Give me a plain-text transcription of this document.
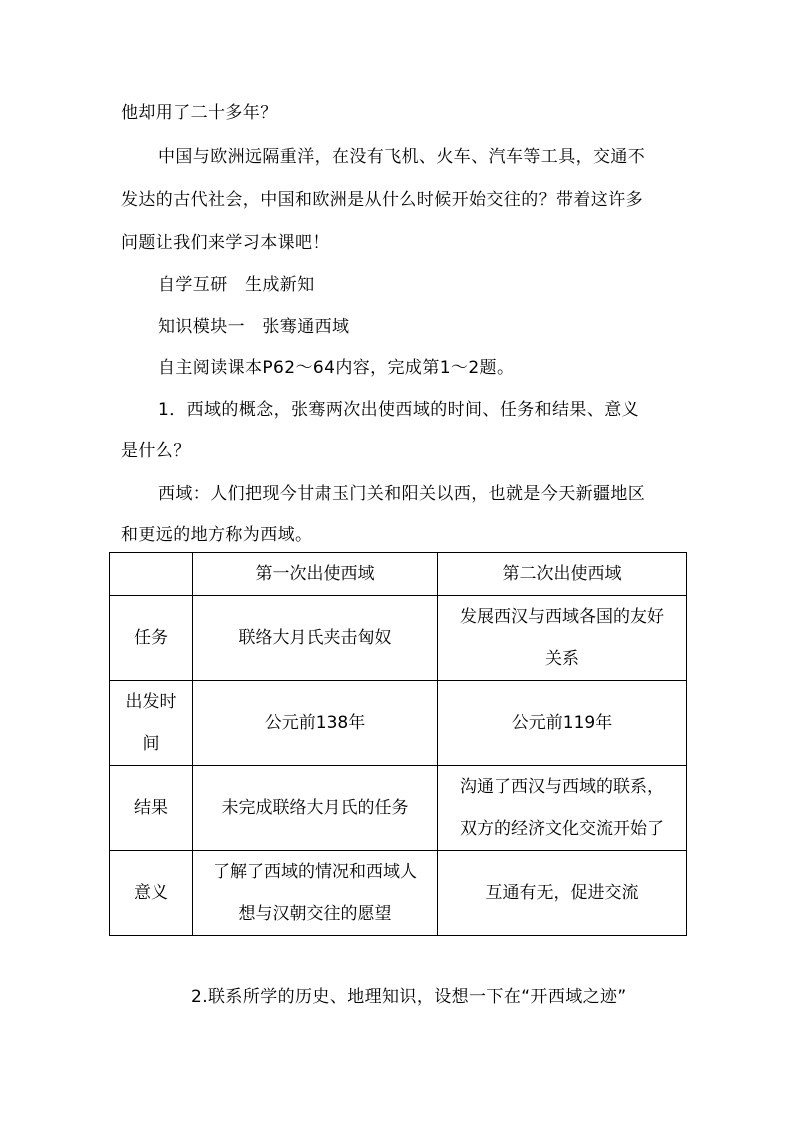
他却用了二十多年？
中国与欧洲远隔重洋，在没有飞机、火车、汽车等工具，交通不
发达的古代社会，中国和欧洲是从什么时候开始交往的？带着这许多
问题让我们来学习本课吧！
自学互研　生成新知
知识模块一　张骞通西域
自主阅读课本P62～64内容，完成第1～2题。
1．西域的概念，张骞两次出使西域的时间、任务和结果、意义
是什么？
西域：人们把现今甘肃玉门关和阳关以西，也就是今天新疆地区
和更远的地方称为西域。
	第一次出使西域	第二次出使西域
任务	联络大月氏夹击匈奴	发展西汉与西域各国的友好
关系

出发时
间	公元前138年	公元前119年
结果	未完成联络大月氏的任务	沟通了西汉与西域的联系，
双方的经济文化交流开始了

意义	了解了西域的情况和西域人
想与汉朝交往的愿望	互通有无，促进交流
2.联系所学的历史、地理知识，设想一下在“开西域之迹”
